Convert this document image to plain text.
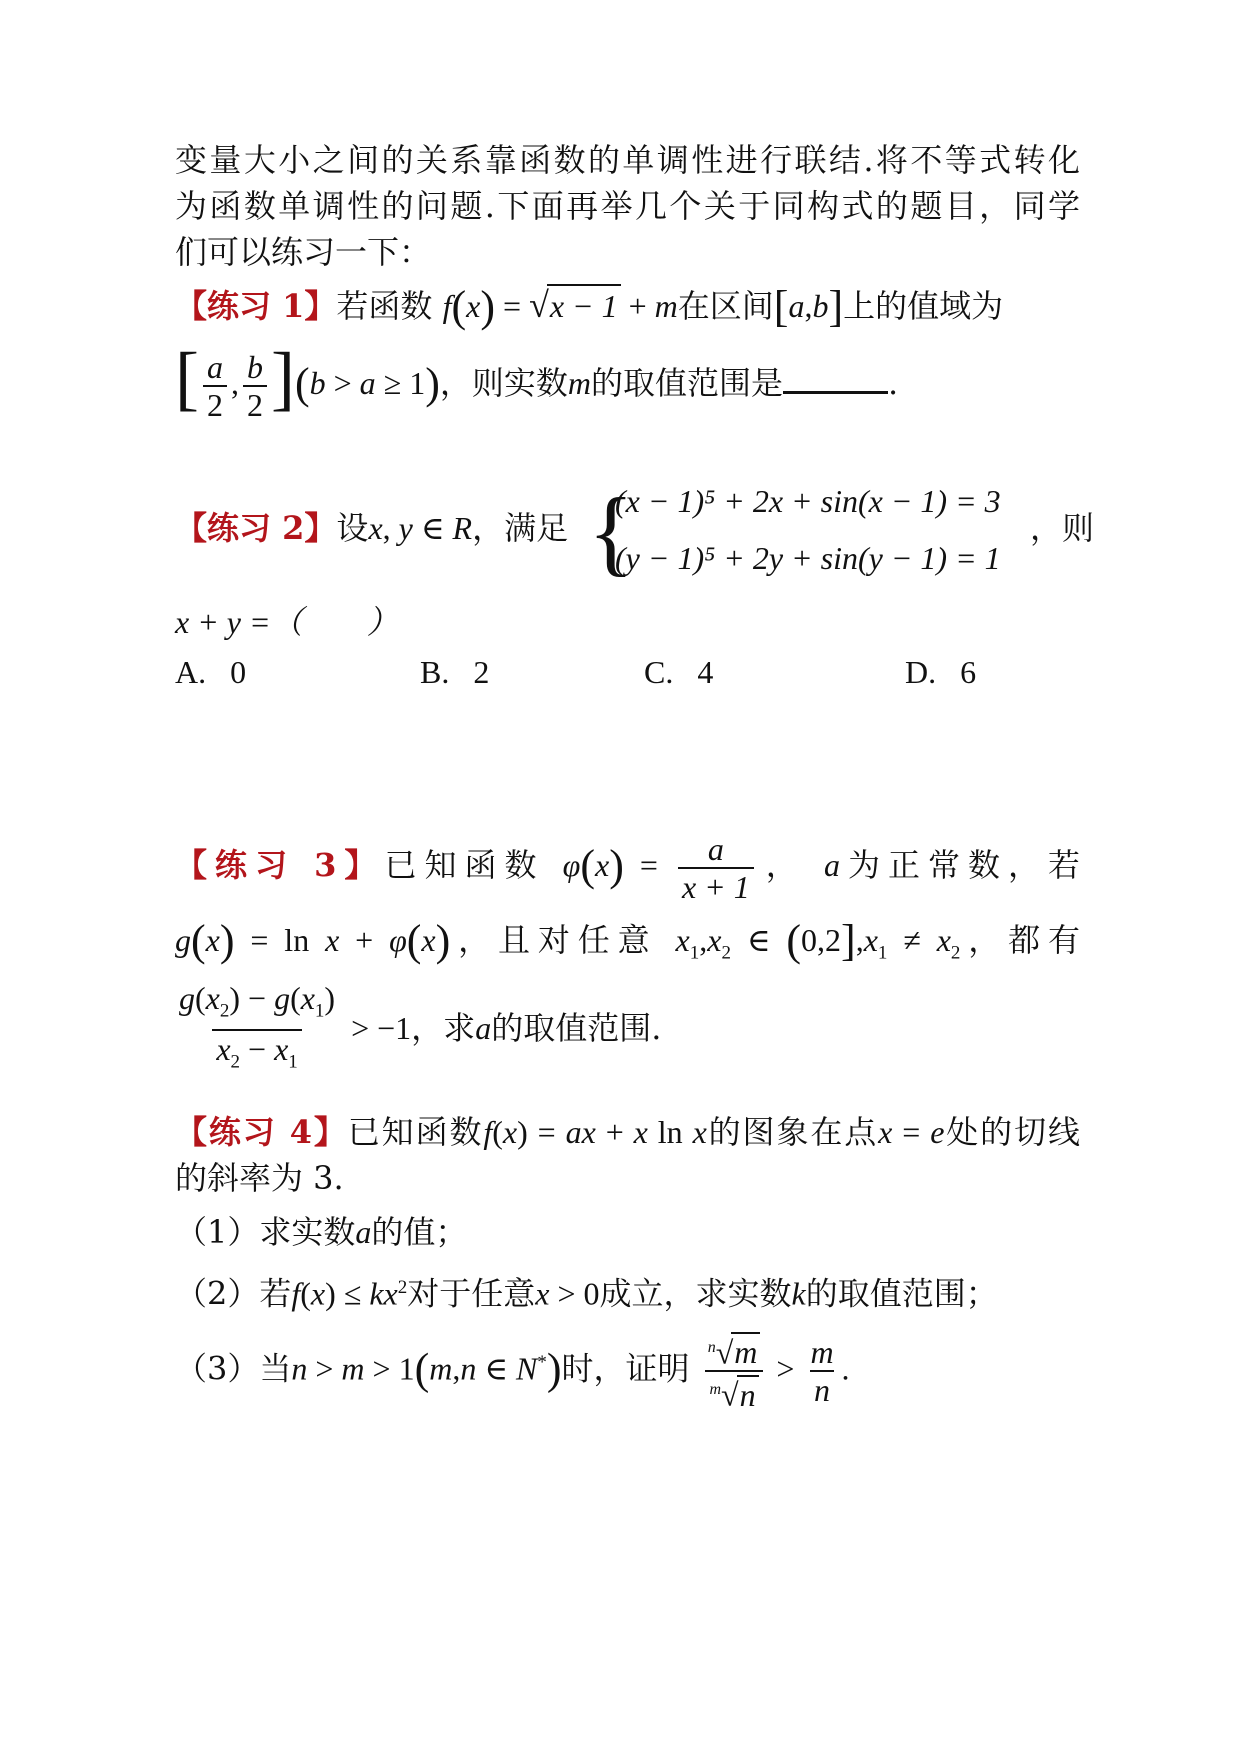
变量大小之间的关系靠函数的单调性进行联结.将不等式转化
为函数单调性的问题.下面再举几个关于同构式的题目，同学
们可以练习一下：
【练习 1】若函数 f(x) = √x − 1 + m在区间[a,b]上的值域为
[ $\frac{a}{2}$ , $\frac{b}{2} ](b > a \ge 1)$，则实数m的取值范围是	.
【练习 2】设x, y ∈ R，满足 {
(x − 1)⁵ + 2x + sin(x − 1) = 3
(y − 1)⁵ + 2y + sin(y − 1) = 1
，则
x + y =（　　）
A. 0	B. 2	C. 4	D. 6
【练习 3】已知函数 $\varphi(x) = \frac{a}{x + 1}$ ， a为正常数，若
g(x) = ln x + φ(x)，且对任意 $x_1,x_2$ ∈ $(0,2],x_1 \ne x_2$，都有
$\frac{g(x_2) - g(x_1)}{x_2 - x_1} > -1$，求a的取值范围.
【练习 4】已知函数f(x) = ax + x ln x的图象在点x = e处的切线
的斜率为 3.
（1）求实数a的值；
（2）若$f(x) \le kx^2$对于任意x > 0成立，求实数k的取值范围；
（3）当n > m > 1(m,n ∈ N*)时，证明 $\frac{^n√m}{^m√n} > \frac{m}{n}$ .
